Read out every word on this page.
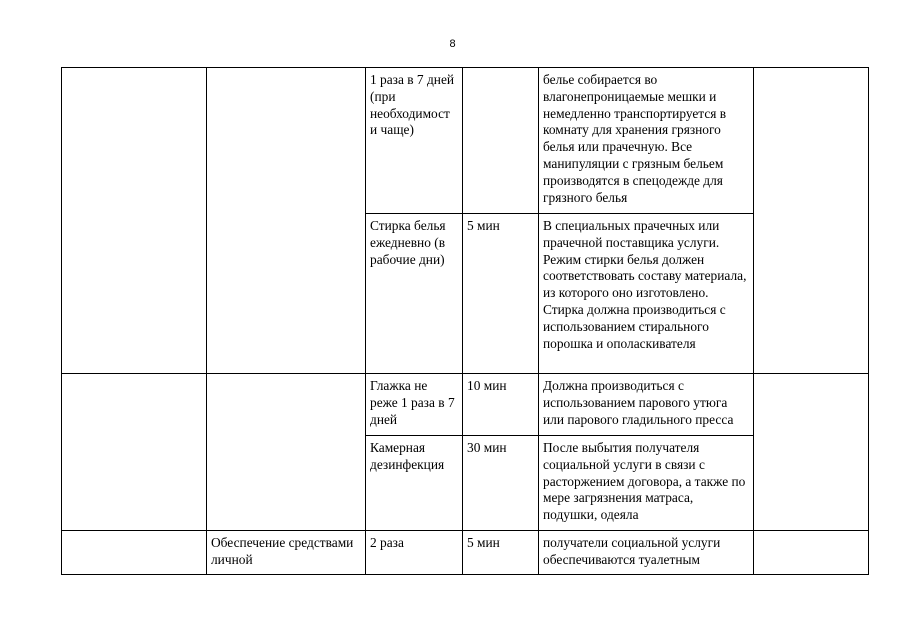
8
		1 раза в 7 дней (при необходимост и чаще)		белье собирается во влагонепроницаемые мешки и немедленно транспортируется в комнату для хранения грязного белья или прачечную. Все манипуляции с грязным бельем производятся в спецодежде для грязного белья	
		Стирка белья ежедневно (в рабочие дни)	5 мин	В специальных прачечных или прачечной поставщика услуги. Режим стирки белья должен соответствовать составу материала, из которого оно изготовлено. Стирка должна производиться с использованием стирального порошка и ополаскивателя	
		Глажка не реже 1 раза в 7 дней	10 мин	Должна производиться с использованием парового утюга или парового гладильного пресса	
		Камерная дезинфекция	30 мин	После выбытия получателя социальной услуги в связи с расторжением договора, а также по мере загрязнения матраса, подушки, одеяла	
	Обеспечение средствами личной	2 раза	5 мин	получатели социальной услуги обеспечиваются туалетным	
